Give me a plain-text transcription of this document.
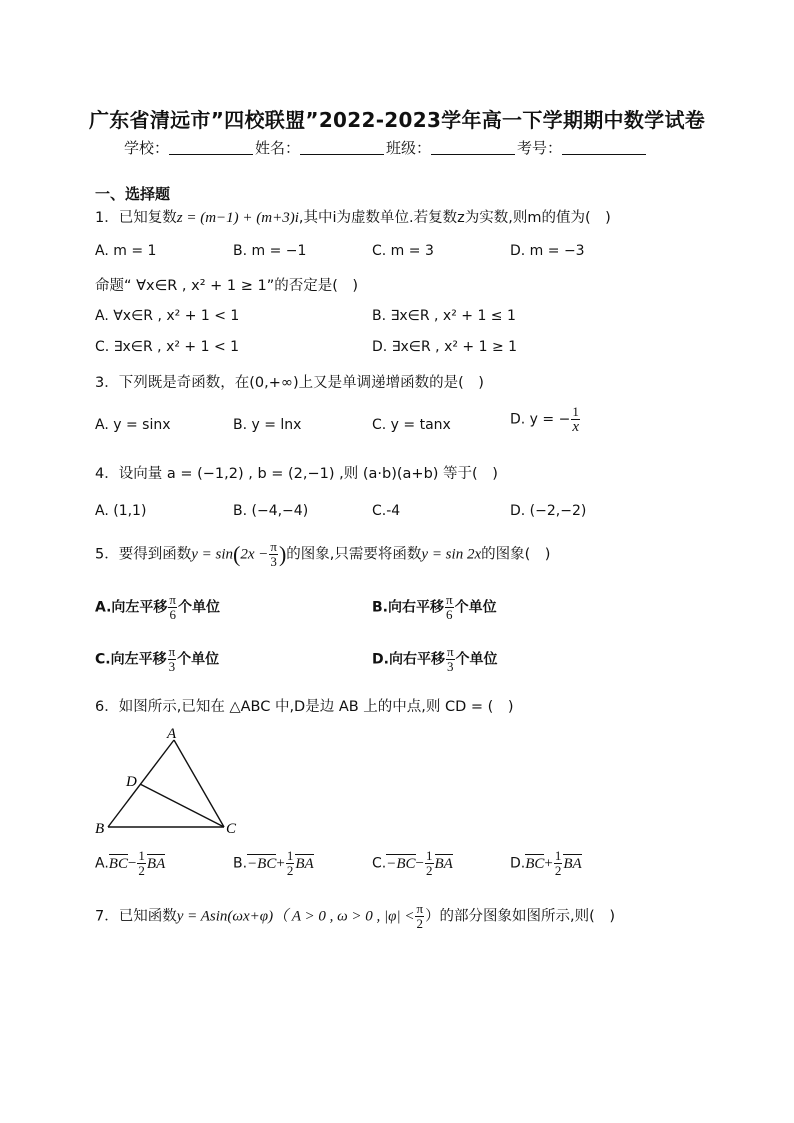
广东省清远市”四校联盟”2022-2023学年高一下学期期中数学试卷
学校：	姓名：	班级：	考号：
一、选择题
1．已知复数z = (m−1) + (m+3)i,其中i为虚数单位.若复数z为实数,则m的值为(　)
A. m = 1	B. m = −1	C. m = 3	D. m = −3
命题“ ∀x∈R , x² + 1 ≥ 1”的否定是(　)
A. ∀x∈R , x² + 1 < 1	B. ∃x∈R , x² + 1 ≤ 1
C. ∃x∈R , x² + 1 < 1	D. ∃x∈R , x² + 1 ≥ 1
3．下列既是奇函数，在(0,+∞)上又是单调递增函数的是(　)
A. y = sinx	B. y = lnx	C. y = tanx	D. y = − $\frac{1}{x}$
4．设向量 a = (−1,2) , b = (2,−1) ,则 (a·b)(a+b) 等于(　)
A. (1,1)	B. (−4,−4)	C.-4	D. (−2,−2)
5．要得到函数$y = \sin(2x - \frac{\pi}{3}$ )的图象,只需要将函数y = sin 2x的图象(　)
A.向左平移 $\frac{\pi}{6}$ 个单位	B.向右平移 $\frac{\pi}{6}$ 个单位
C.向左平移 $\frac{\pi}{3}$ 个单位	D.向右平移 $\frac{\pi}{3}$ 个单位
6．如图所示,已知在 △ABC 中,D是边 AB 上的中点,则 CD = (　)
A
D
B	C
$A.BC- \frac{1}{2}$ BA	$B.-BC+ \frac{1}{2}$ BA	$C.-BC- \frac{1}{2}$ BA	$D.BC+ \frac{1}{2}$ BA
7．已知函数y = Asin(ωx+φ)（ A > 0 , ω > 0 , $|\varphi| < \frac{\pi}{2}$ ）的部分图象如图所示,则(　)
